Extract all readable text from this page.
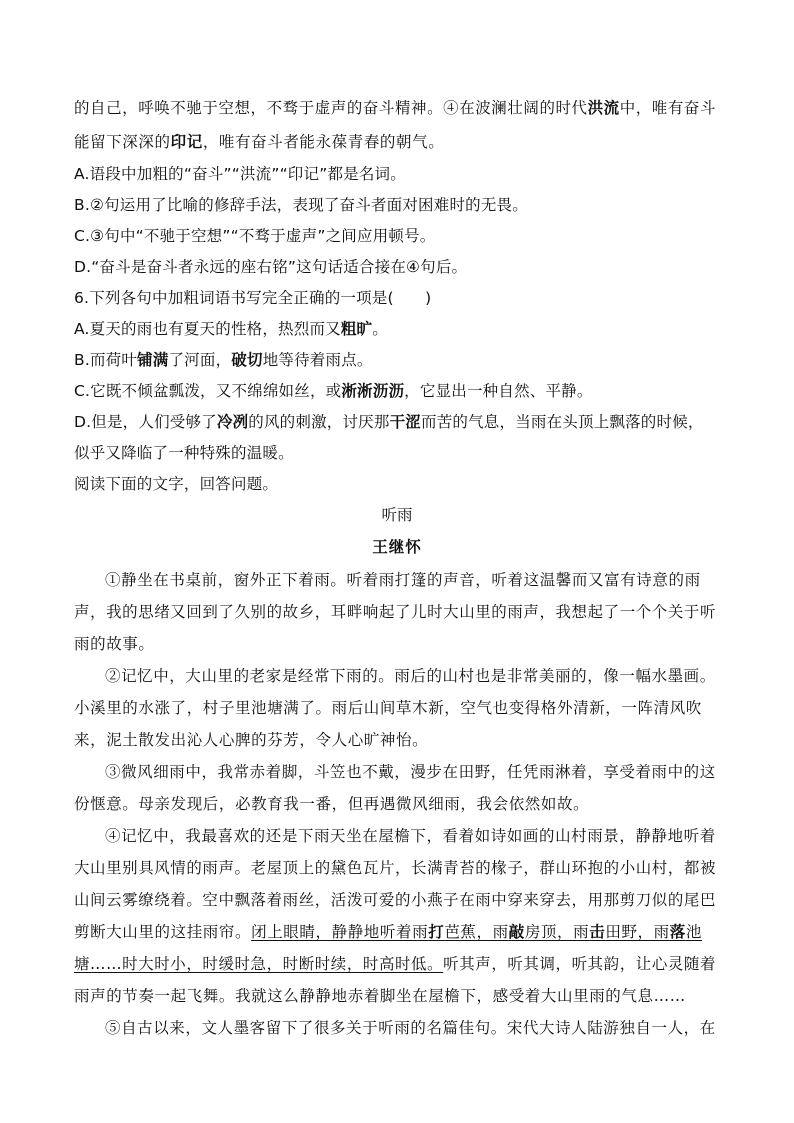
的自己，呼唤不驰于空想，不骛于虚声的奋斗精神。④在波澜壮阔的时代洪流中，唯有奋斗
能留下深深的印记，唯有奋斗者能永葆青春的朝气。
A.语段中加粗的“奋斗”“洪流”“印记”都是名词。
B.②句运用了比喻的修辞手法，表现了奋斗者面对困难时的无畏。
C.③句中“不驰于空想”“不骛于虚声”之间应用顿号。
D.“奋斗是奋斗者永远的座右铭”这句话适合接在④句后。
6.下列各句中加粗词语书写完全正确的一项是(　　)
A.夏天的雨也有夏天的性格，热烈而又粗旷。
B.而荷叶铺满了河面，破切地等待着雨点。
C.它既不倾盆瓢泼，又不绵绵如丝，或淅淅沥沥，它显出一种自然、平静。
D.但是，人们受够了冷冽的风的刺激，讨厌那干涩而苦的气息，当雨在头顶上飘落的时候，
似乎又降临了一种特殊的温暖。
阅读下面的文字，回答问题。
听雨
王继怀
①静坐在书桌前，窗外正下着雨。听着雨打篷的声音，听着这温馨而又富有诗意的雨
声，我的思绪又回到了久别的故乡，耳畔响起了儿时大山里的雨声，我想起了一个个关于听
雨的故事。
②记忆中，大山里的老家是经常下雨的。雨后的山村也是非常美丽的，像一幅水墨画。
小溪里的水涨了，村子里池塘满了。雨后山间草木新，空气也变得格外清新，一阵清风吹
来，泥土散发出沁人心脾的芬芳，令人心旷神怡。
③微风细雨中，我常赤着脚，斗笠也不戴，漫步在田野，任凭雨淋着，享受着雨中的这
份惬意。母亲发现后，必教育我一番，但再遇微风细雨，我会依然如故。
④记忆中，我最喜欢的还是下雨天坐在屋檐下，看着如诗如画的山村雨景，静静地听着
大山里别具风情的雨声。老屋顶上的黛色瓦片，长满青苔的椽子，群山环抱的小山村，都被
山间云雾缭绕着。空中飘落着雨丝，活泼可爱的小燕子在雨中穿来穿去，用那剪刀似的尾巴
剪断大山里的这挂雨帘。闭上眼睛，静静地听着雨打芭蕉，雨敲房顶，雨击田野，雨落池
塘……时大时小，时缓时急，时断时续，时高时低。听其声，听其调，听其韵，让心灵随着
雨声的节奏一起飞舞。我就这么静静地赤着脚坐在屋檐下，感受着大山里雨的气息……
⑤自古以来，文人墨客留下了很多关于听雨的名篇佳句。宋代大诗人陆游独自一人，在
